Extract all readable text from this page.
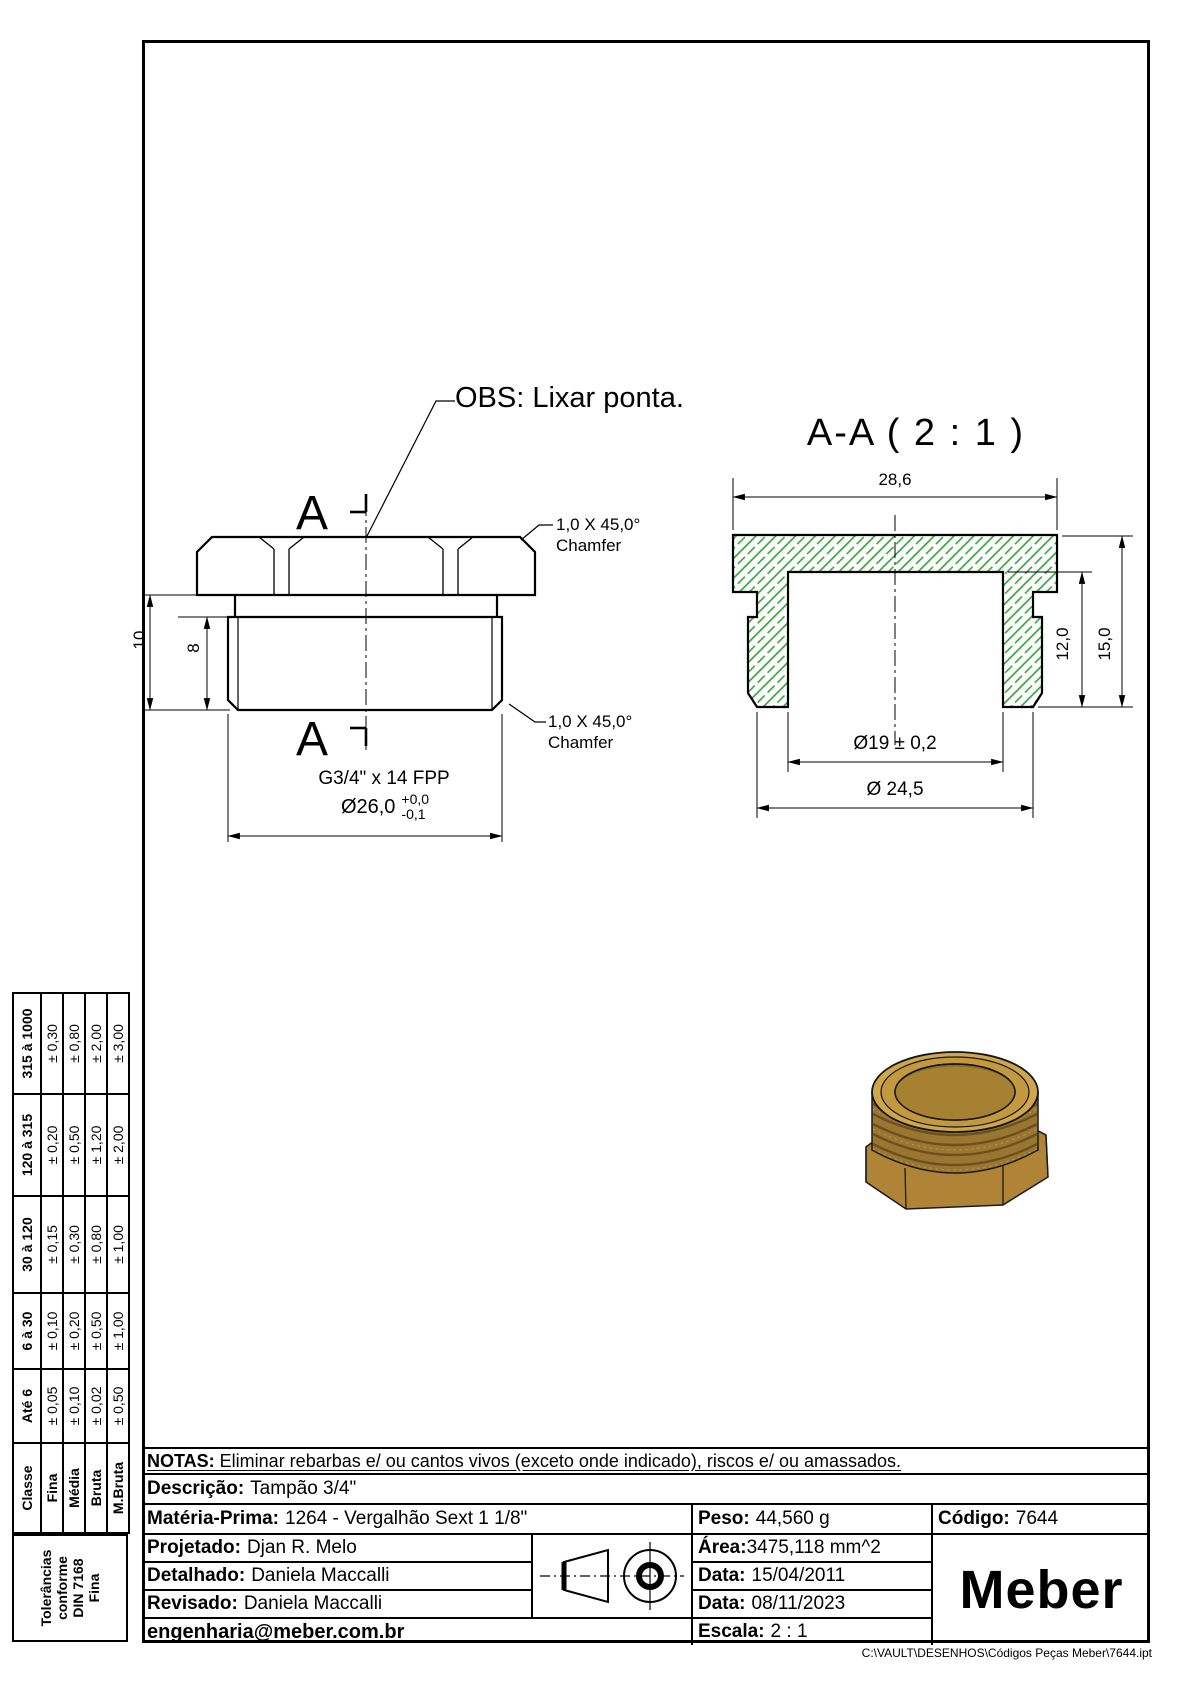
OBS: Lixar ponta.
A-A ( 2 : 1 )
A
A
1,0 X 45,0°
Chamfer
1,0 X 45,0°
Chamfer
10 8
G3/4" x 14 FPP
Ø26,0 +0,0
-0,1
28,6
12,0 15,0
Ø19 ± 0,2
Ø 24,5
Tolerâncias conforme DIN 7168 Fina
Classe	Até 6	6 à 30	30 à 120	120 à 315	315 à 1000
Fina	± 0,05	± 0,10	± 0,15	± 0,20	± 0,30
Média	± 0,10	± 0,20	± 0,30	± 0,50	± 0,80
Bruta	± 0,02	± 0,50	± 0,80	± 1,20	± 2,00
M.Bruta	± 0,50	± 1,00	± 1,00	± 2,00	± 3,00
NOTAS: Eliminar rebarbas e/ ou cantos vivos (exceto onde indicado), riscos e/ ou amassados.
Descrição: Tampão 3/4"
Matéria-Prima: 1264 - Vergalhão Sext 1 1/8"	Peso: 44,560 g	Código: 7644
Projetado: Djan R. Melo	Área: 3475,118 mm^2
Meber
Detalhado: Daniela Maccalli	Data: 15/04/2011
Revisado: Daniela Maccalli	Data: 08/11/2023
engenharia@meber.com.br	Escala: 2 : 1
C:\VAULT\DESENHOS\Códigos Peças Meber\7644.ipt
